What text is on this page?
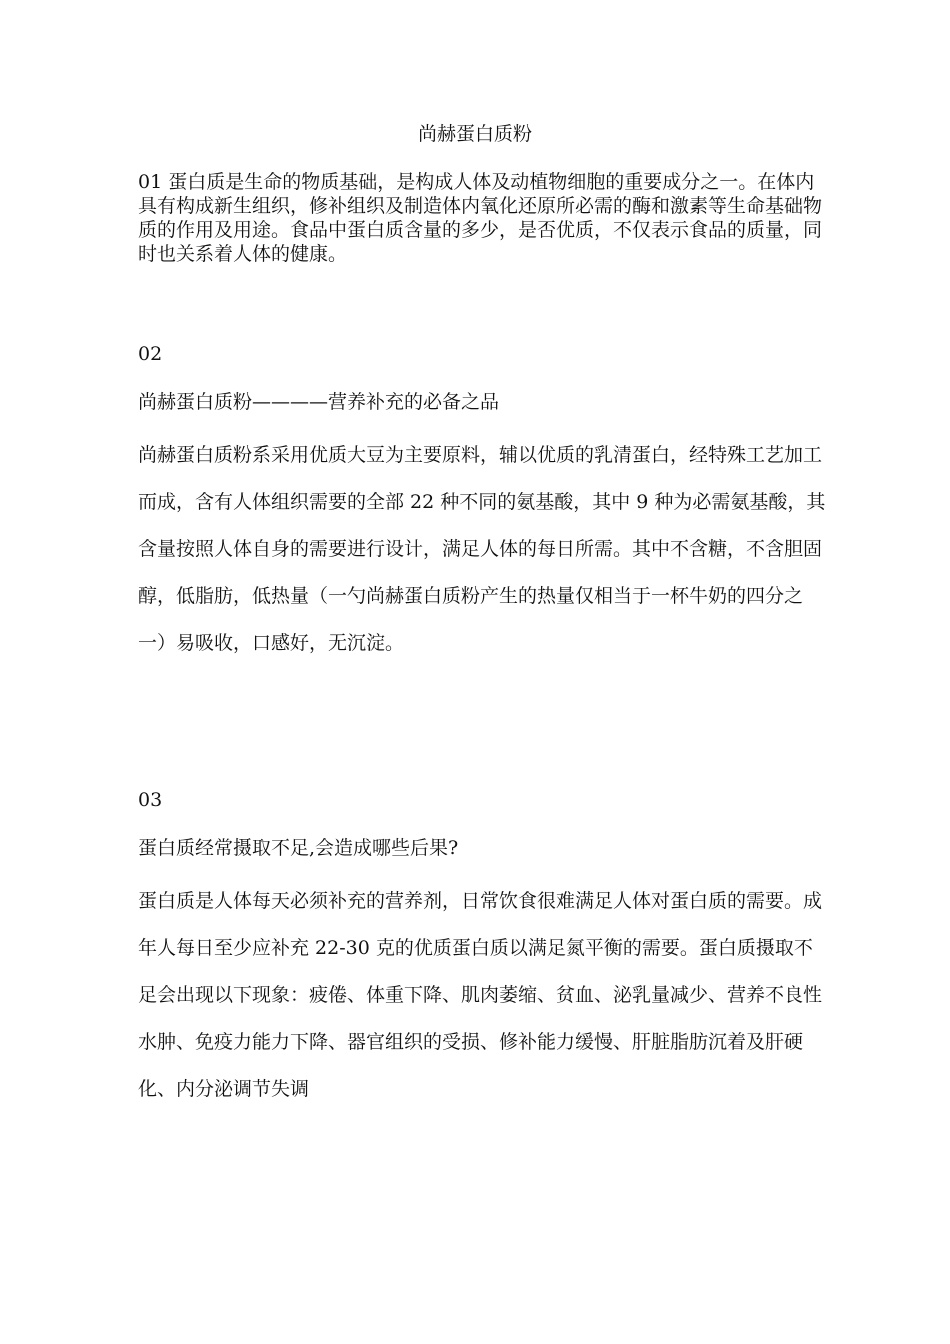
尚赫蛋白质粉

01 蛋白质是生命的物质基础，是构成人体及动植物细胞的重要成分之一。在体内具有构成新生组织，修补组织及制造体内氧化还原所必需的酶和激素等生命基础物质的作用及用途。食品中蛋白质含量的多少，是否优质，不仅表示食品的质量，同时也关系着人体的健康。

02
尚赫蛋白质粉————营养补充的必备之品

尚赫蛋白质粉系采用优质大豆为主要原料，辅以优质的乳清蛋白，经特殊工艺加工而成，含有人体组织需要的全部 22 种不同的氨基酸，其中 9 种为必需氨基酸，其含量按照人体自身的需要进行设计，满足人体的每日所需。其中不含糖，不含胆固醇，低脂肪，低热量（一勺尚赫蛋白质粉产生的热量仅相当于一杯牛奶的四分之一）易吸收，口感好，无沉淀。

03
蛋白质经常摄取不足,会造成哪些后果?

蛋白质是人体每天必须补充的营养剂，日常饮食很难满足人体对蛋白质的需要。成年人每日至少应补充 22-30 克的优质蛋白质以满足氮平衡的需要。蛋白质摄取不足会出现以下现象：疲倦、体重下降、肌肉萎缩、贫血、泌乳量减少、营养不良性水肿、免疫力能力下降、器官组织的受损、修补能力缓慢、肝脏脂肪沉着及肝硬化、内分泌调节失调
